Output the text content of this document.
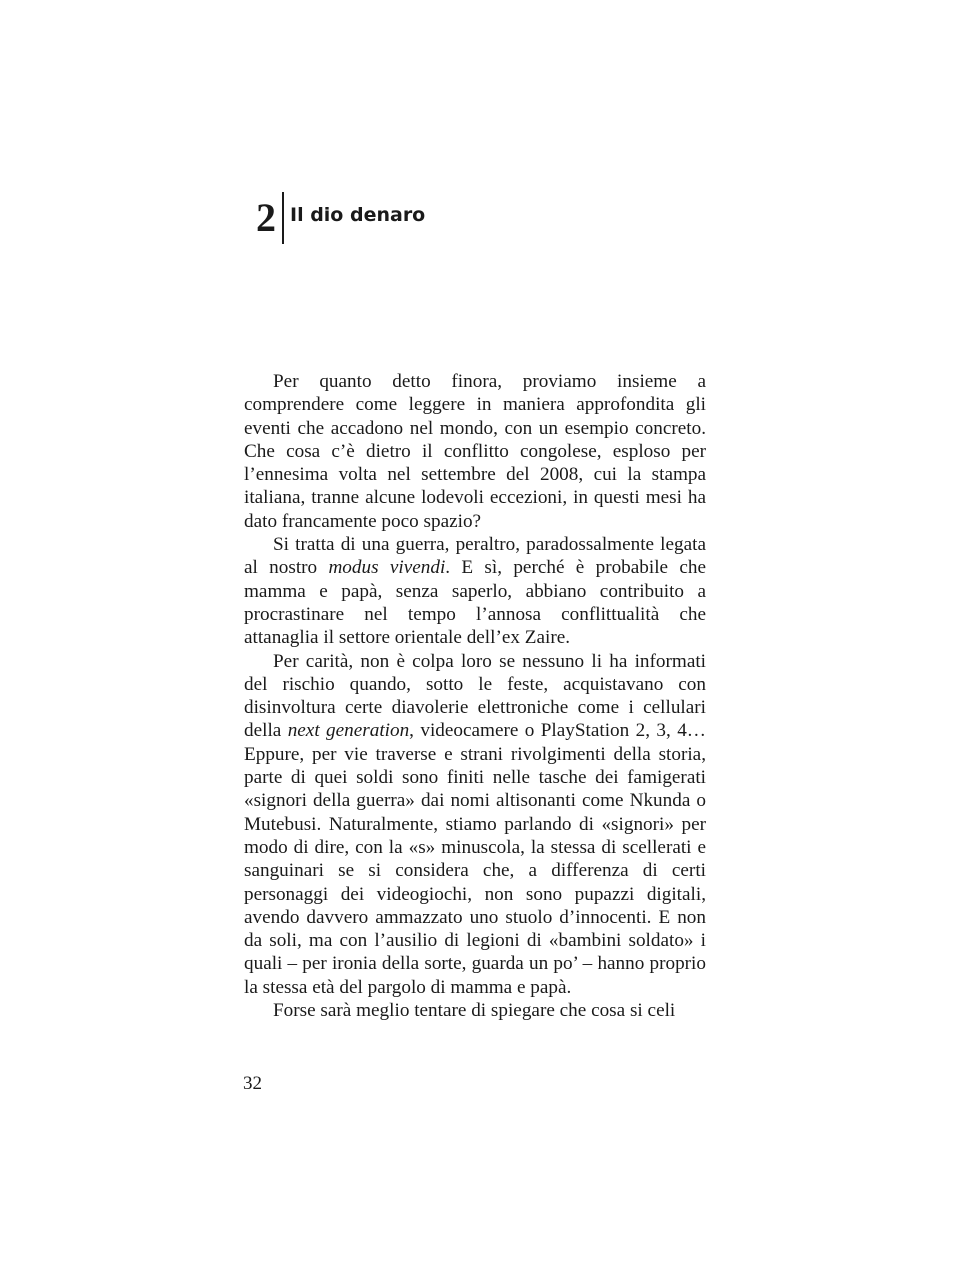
2 Il dio denaro

Per quanto detto finora, proviamo insieme a comprendere come leggere in maniera approfondita gli eventi che accadono nel mondo, con un esempio concreto. Che cosa c’è dietro il conflitto congolese, esploso per l’ennesima volta nel settembre del 2008, cui la stampa italiana, tranne alcune lodevoli eccezioni, in questi mesi ha dato francamente poco spazio?

Si tratta di una guerra, peraltro, paradossalmente legata al nostro modus vivendi. E sì, perché è probabile che mamma e papà, senza saperlo, abbiano contribuito a procrastinare nel tempo l’annosa conflittualità che attanaglia il settore orientale dell’ex Zaire.

Per carità, non è colpa loro se nessuno li ha informati del rischio quando, sotto le feste, acquistavano con disinvoltura certe diavolerie elettroniche come i cellulari della next generation, videocamere o PlayStation 2, 3, 4… Eppure, per vie traverse e strani rivolgimenti della storia, parte di quei soldi sono finiti nelle tasche dei famigerati «signori della guerra» dai nomi altisonanti come Nkunda o Mutebusi. Naturalmente, stiamo parlando di «signori» per modo di dire, con la «s» minuscola, la stessa di scellerati e sanguinari se si considera che, a differenza di certi personaggi dei videogiochi, non sono pupazzi digitali, avendo davvero ammazzato uno stuolo d’innocenti. E non da soli, ma con l’ausilio di legioni di «bambini soldato» i quali – per ironia della sorte, guarda un po’ – hanno proprio la stessa età del pargolo di mamma e papà.

Forse sarà meglio tentare di spiegare che cosa si celi

32
